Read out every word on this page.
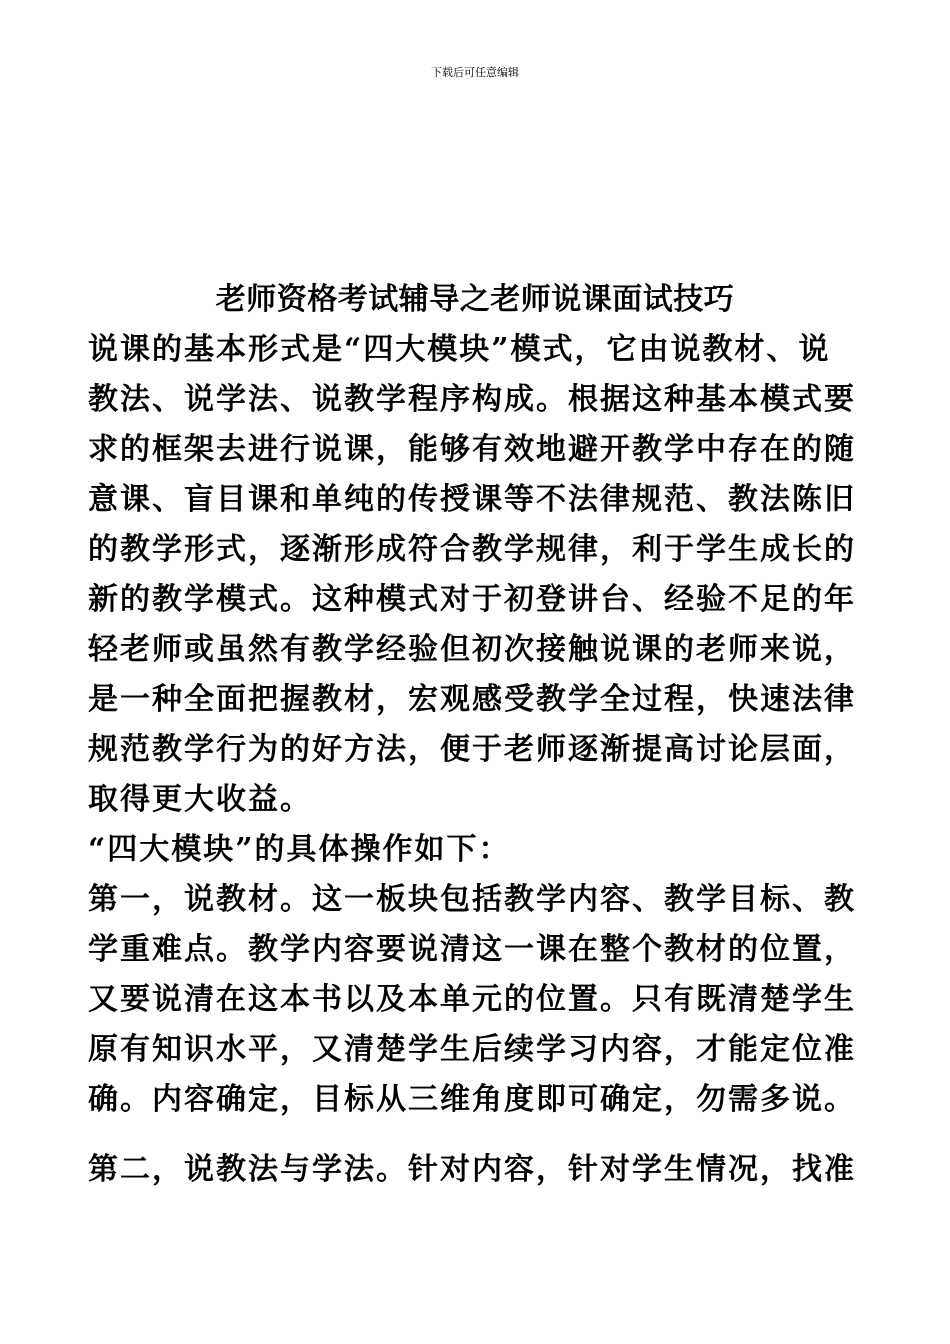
下载后可任意编辑
老师资格考试辅导之老师说课面试技巧
说课的基本形式是“四大模块”模式，它由说教材、说
教法、说学法、说教学程序构成。根据这种基本模式要
求的框架去进行说课，能够有效地避开教学中存在的随
意课、盲目课和单纯的传授课等不法律规范、教法陈旧
的教学形式，逐渐形成符合教学规律，利于学生成长的
新的教学模式。这种模式对于初登讲台、经验不足的年
轻老师或虽然有教学经验但初次接触说课的老师来说，
是一种全面把握教材，宏观感受教学全过程，快速法律
规范教学行为的好方法，便于老师逐渐提高讨论层面，
取得更大收益。
“四大模块”的具体操作如下：
第一，说教材。这一板块包括教学内容、教学目标、教
学重难点。教学内容要说清这一课在整个教材的位置，
又要说清在这本书以及本单元的位置。只有既清楚学生
原有知识水平，又清楚学生后续学习内容，才能定位准
确。内容确定，目标从三维角度即可确定，勿需多说。
第二，说教法与学法。针对内容，针对学生情况，找准
